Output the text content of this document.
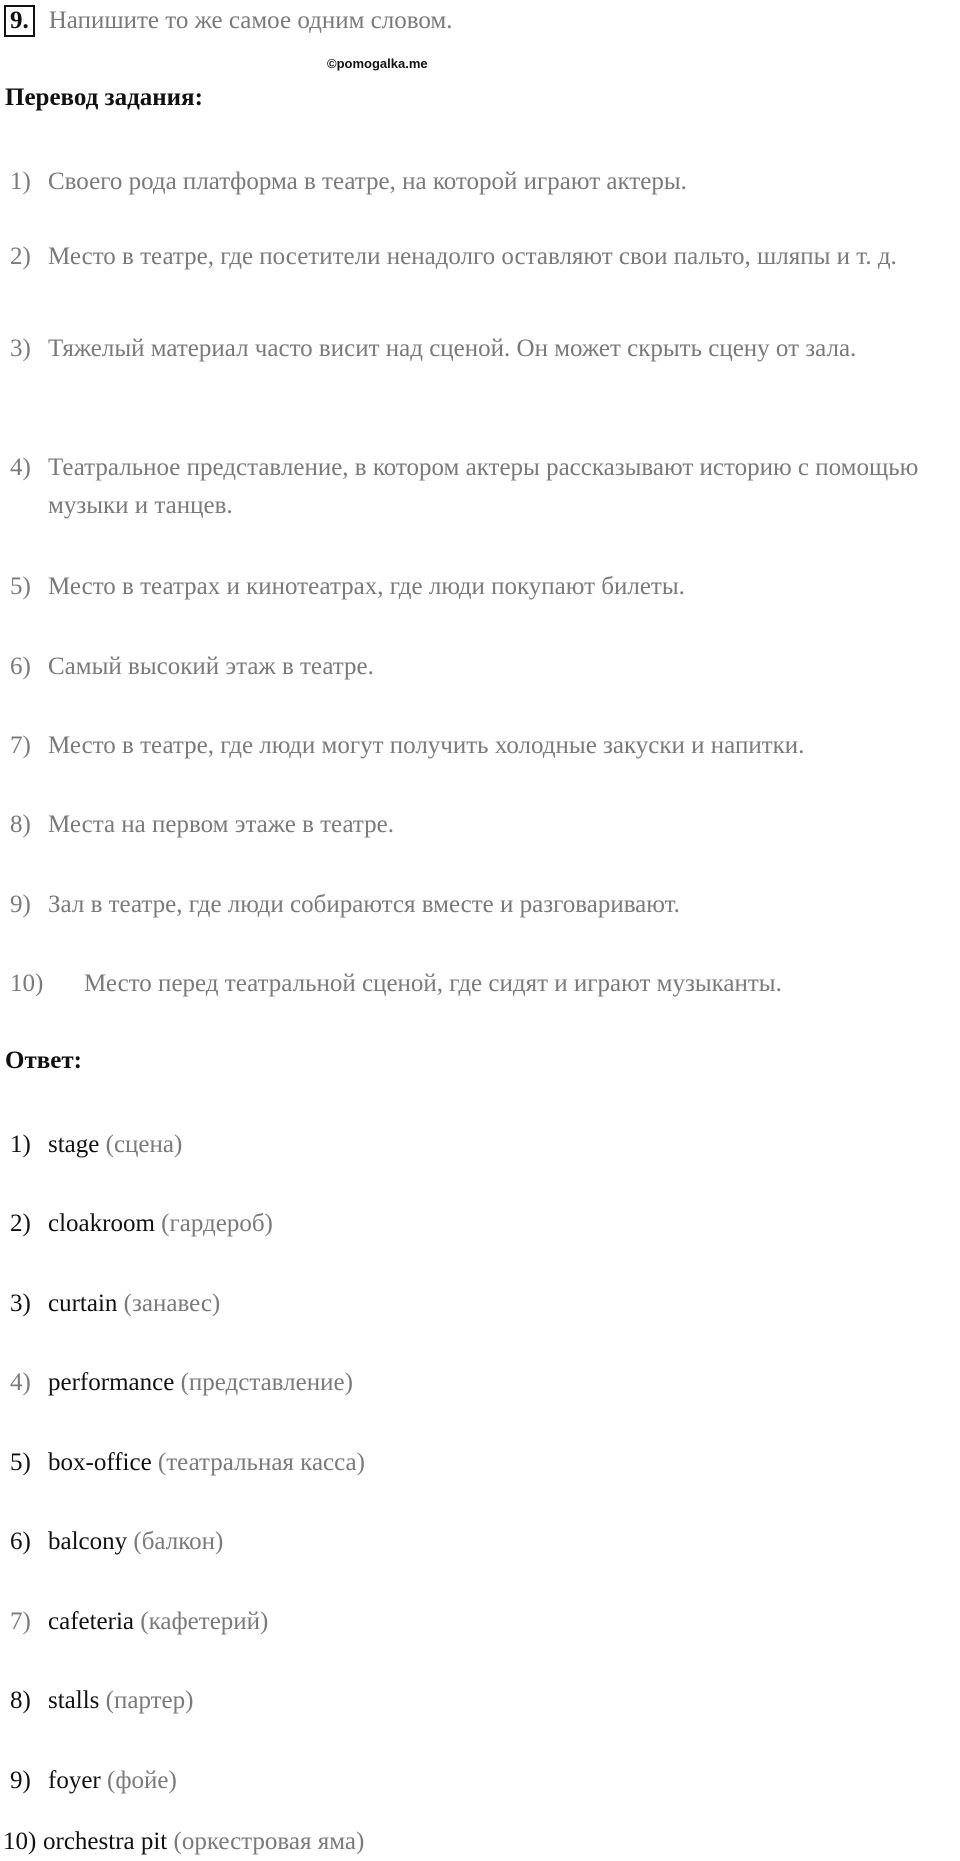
9. Напишите то же самое одним словом.
©pomogalka.me
Перевод задания:
1) Своего рода платформа в театре, на которой играют актеры.
2) Место в театре, где посетители ненадолго оставляют свои пальто, шляпы и т. д.
3) Тяжелый материал часто висит над сценой. Он может скрыть сцену от зала.
4) Театральное представление, в котором актеры рассказывают историю с помощью музыки и танцев.
5) Место в театрах и кинотеатрах, где люди покупают билеты.
6) Самый высокий этаж в театре.
7) Место в театре, где люди могут получить холодные закуски и напитки.
8) Места на первом этаже в театре.
9) Зал в театре, где люди собираются вместе и разговаривают.
10)	Место перед театральной сценой, где сидят и играют музыканты.
Ответ:
1) stage (сцена)
2) cloakroom (гардероб)
3) curtain (занавес)
4) performance (представление)
5) box-office (театральная касса)
6) balcony (балкон)
7) cafeteria (кафетерий)
8) stalls (партер)
9) foyer (фойе)
10) orchestra pit (оркестровая яма)
